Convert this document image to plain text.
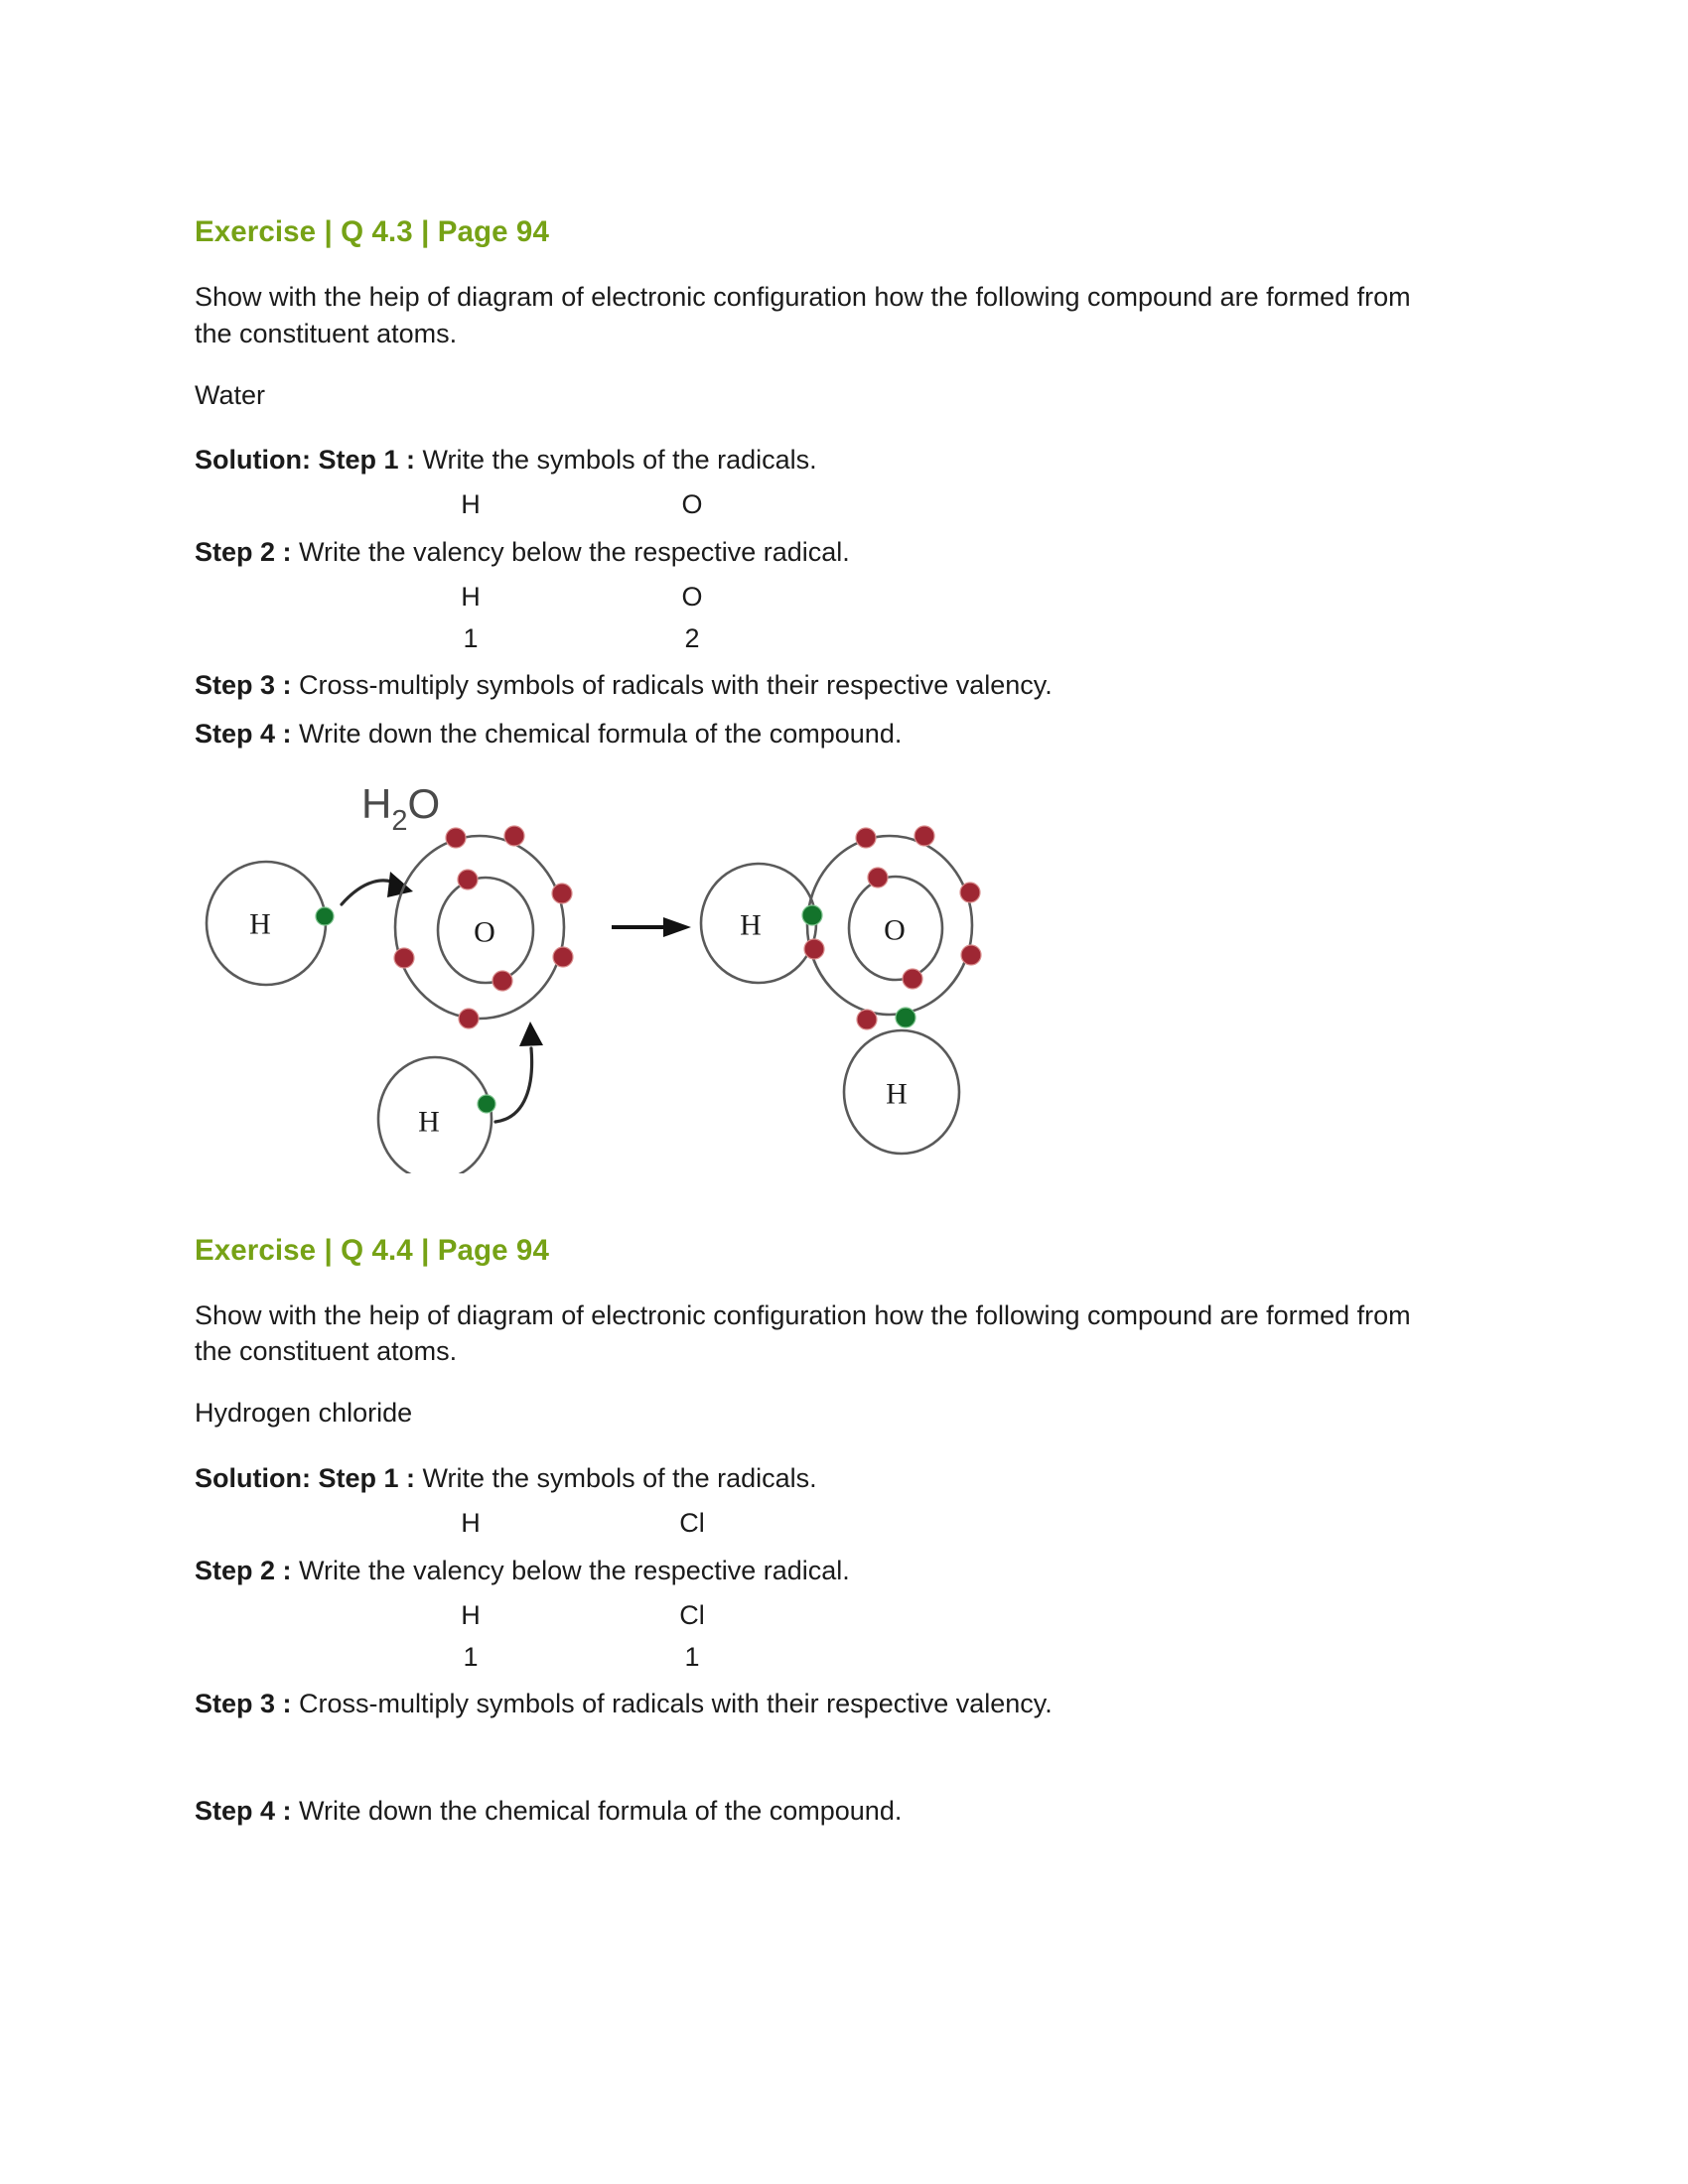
Exercise | Q 4.3 | Page 94
Show with the heip of diagram of electronic configuration how the following compound are formed from the constituent atoms.
Water
Solution: Step 1 : Write the symbols of the radicals.
H	O
Step 2 : Write the valency below the respective radical.
H	O
1	2
Step 3 : Cross-multiply symbols of radicals with their respective valency.
Step 4 : Write down the chemical formula of the compound.
$H_2O$
H	O
H
H	O
H
Exercise | Q 4.4 | Page 94
Show with the heip of diagram of electronic configuration how the following compound are formed from the constituent atoms.
Hydrogen chloride
Solution: Step 1 : Write the symbols of the radicals.
H	Cl
Step 2 : Write the valency below the respective radical.
H	Cl
1	1
Step 3 : Cross-multiply symbols of radicals with their respective valency.
Step 4 : Write down the chemical formula of the compound.
